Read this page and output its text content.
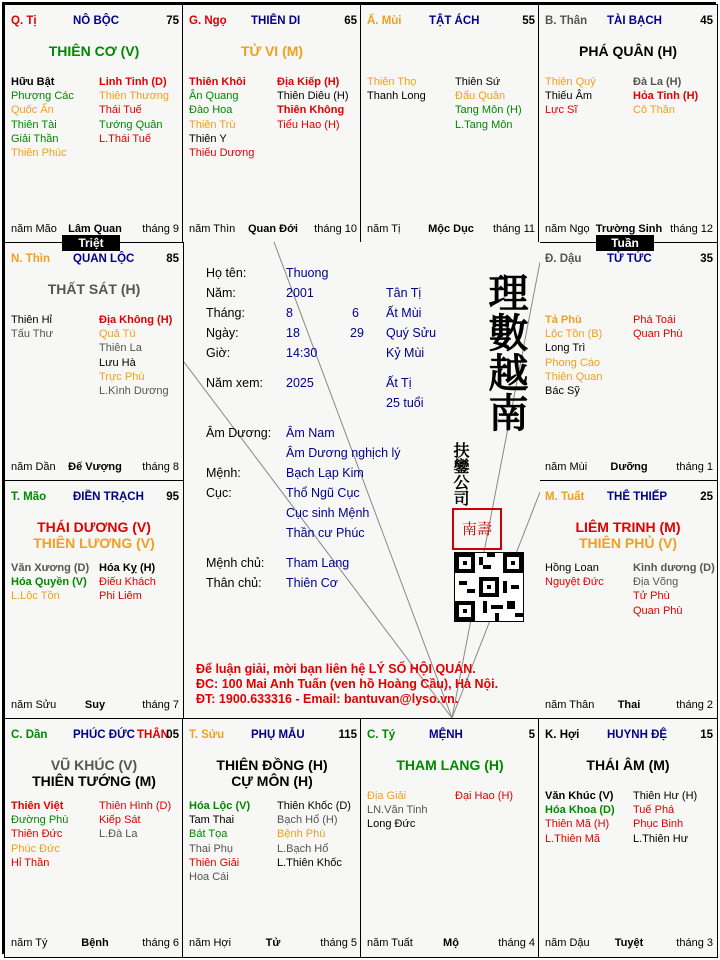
Q. Tị	NÔ BỘC	75
THIÊN CƠ (V)
Hữu Bật
Phượng Các
Quốc Ấn
Thiên Tài
Giải Thần
Thiên Phúc
Linh Tinh (D)
Thiên Thương
Thái Tuế
Tướng Quân
L.Thái Tuế
năm Mão	Lâm Quan	tháng 9
G. Ngọ THIÊN DI	65
TỬ VI (M)
Thiên Khôi
Ân Quang
Đào Hoa
Thiên Trù
Thiên Y
Thiếu Dương
Địa Kiếp (H)
Thiên Diêu (H)
Thiên Không
Tiểu Hao (H)
năm Thìn	Quan Đới	tháng 10
Ấ. Mùi TẬT ÁCH	55
Thiên Thọ
Thanh Long
Thiên Sứ
Đẩu Quân
Tang Môn (H)
L.Tang Môn
năm Tị	Mộc Dục	tháng 11
B. Thân TÀI BẠCH	45
PHÁ QUÂN (H)
Thiên Quý
Thiếu Âm
Lực Sĩ
Đà La (H)
Hỏa Tinh (H)
Cô Thần
năm Ngọ Trường Sinh tháng 12
N. Thìn QUAN LỘC	85
THẤT SÁT (H)
Thiên Hỉ
Tấu Thư
Địa Không (H)
Quả Tú
Thiên La
Lưu Hà
Trực Phù
L.Kình Dương
năm Dần	Đế Vượng	tháng 8
Đ. Dậu TỬ TỨC	35
Tả Phù
Lộc Tồn (B)
Long Trì
Phong Cáo
Thiên Quan
Bác Sỹ
Phá Toái
Quan Phù
năm Mùi	Dưỡng	tháng 1
T. Mão ĐIỀN TRẠCH 95
THÁI DƯƠNG (V)
THIÊN LƯƠNG (V)
Văn Xương (D)
Hóa Quyền (V)
L.Lộc Tồn
Hóa Kỵ (H)
Điếu Khách
Phi Liêm
năm Sửu	Suy	tháng 7
M. Tuất THÊ THIẾP	25
LIÊM TRINH (M)
THIÊN PHỦ (V)
Hồng Loan
Nguyệt Đức
Kình dương (D)
Địa Võng
Tử Phù
Quan Phù
năm Thân	Thai	tháng 2
C. Dần PHÚC ĐỨC THÂN
05
VŨ KHÚC (V)
THIÊN TƯỚNG (M)
Thiên Việt
Đường Phù
Thiên Đức
Phúc Đức
Hỉ Thần
Thiên Hình (D)
Kiếp Sát
L.Đà La
năm Tý	Bệnh	tháng 6
T. Sửu PHỤ MẪU	115
THIÊN ĐỒNG (H)
CỰ MÔN (H)
Hóa Lộc (V)
Tam Thai
Bát Tọa
Thai Phụ
Thiên Giải
Hoa Cái
Thiên Khốc (D)
Bạch Hổ (H)
Bệnh Phù
L.Bạch Hổ
L.Thiên Khốc
năm Hợi	Tử	tháng 5
C. Tý	MỆNH	5
THAM LANG (H)
Địa Giải
LN.Văn Tinh
Long Đức
Đại Hao (H)
năm Tuất	Mộ	tháng 4
K. Hợi HUYNH ĐỆ	15
THÁI ÂM (M)
Văn Khúc (V)
Hóa Khoa (D)
Thiên Mã (H)
L.Thiên Mã
Thiên Hư (H)
Tuế Phá
Phục Binh
L.Thiên Hư
năm Dậu	Tuyệt	tháng 3
Triệt	Tuần
Họ tên:	Thuong
Năm:	2001	Tân Tị
Tháng:	8	6 Ất Mùi
Ngày:	18	29 Quý Sửu
Giờ:	14:30	Kỷ Mùi
Năm xem: 2025	Ất Tị
25 tuổi
Âm Dương: Âm Nam
Âm Dương nghịch lý
Mệnh:	Bạch Lạp Kim
Cục:	Thổ Ngũ Cục
Cục sinh Mệnh
Thần cư Phúc
Mệnh chủ: Tham Lang
Thân chủ: Thiên Cơ
理數越南
扶鑾公司
南壽
Để luận giải, mời bạn liên hệ LÝ SỐ HỘI QUÁN.
ĐC: 100 Mai Anh Tuấn (ven hồ Hoàng Cầu), Hà Nội.
ĐT: 1900.633316 - Email: bantuvan@lyso.vn.
